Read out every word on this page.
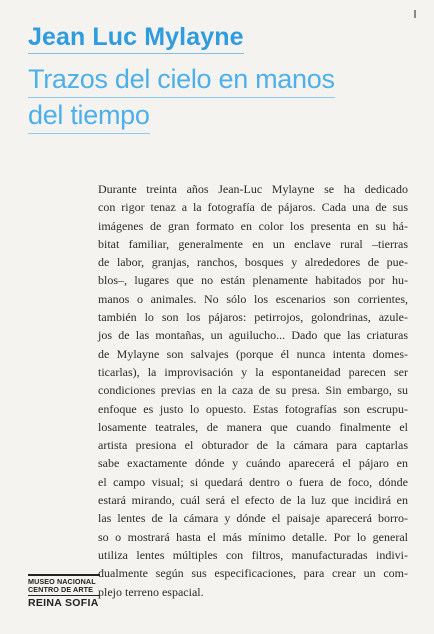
Jean Luc Mylayne
Trazos del cielo en manos
del tiempo
Durante treinta años Jean-Luc Mylayne se ha dedicado
con rigor tenaz a la fotografía de pájaros. Cada una de sus
imágenes de gran formato en color los presenta en su há-
bitat familiar, generalmente en un enclave rural –tierras
de labor, granjas, ranchos, bosques y alrededores de pue-
blos–, lugares que no están plenamente habitados por hu-
manos o animales. No sólo los escenarios son corrientes,
también lo son los pájaros: petirrojos, golondrinas, azule-
jos de las montañas, un aguilucho... Dado que las criaturas
de Mylayne son salvajes (porque él nunca intenta domes-
ticarlas), la improvisación y la espontaneidad parecen ser
condiciones previas en la caza de su presa. Sin embargo, su
enfoque es justo lo opuesto. Estas fotografías son escrupu-
losamente teatrales, de manera que cuando finalmente el
artista presiona el obturador de la cámara para captarlas
sabe exactamente dónde y cuándo aparecerá el pájaro en
el campo visual; si quedará dentro o fuera de foco, dónde
estará mirando, cuál será el efecto de la luz que incidirá en
las lentes de la cámara y dónde el paisaje aparecerá borro-
so o mostrará hasta el más mínimo detalle. Por lo general
utiliza lentes múltiples con filtros, manufacturadas indivi-
dualmente según sus especificaciones, para crear un com-
plejo terreno espacial.
MUSEO NACIONAL
CENTRO DE ARTE
REINA SOFIA
